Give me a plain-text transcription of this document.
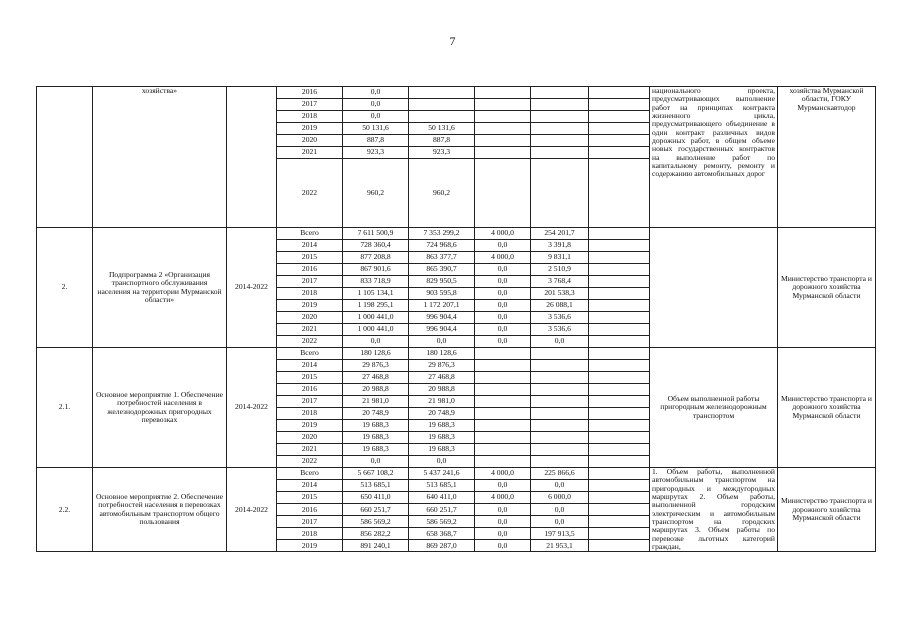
7
	хозяйства»		2016	0,0					национального проекта, предусматривающих выполнение работ на принципах контракта жизненного цикла, предусматривающего объединение в один контракт различных видов дорожных работ, в общем объеме новых государственных контрактов на выполнение работ по капитальному ремонту, ремонту и содержанию автомобильных дорог	хозяйства Мурманской области, ГОКУ Мурманскавтодор
			2017	0,0						
			2018	0,0						
			2019	50 131,6	50 131,6					
			2020	887,8	887,8					
			2021	923,3	923,3					
			2022	960,2	960,2					
2.	Подпрограмма 2 «Организация транспортного обслуживания населения на территории Мурманской области»	2014-2022	Всего	7 611 500,9	7 353 299,2	4 000,0	254 201,7			Министерство транспорта и дорожного хозяйства Мурманской области
			2014	728 360,4	724 968,6	0,0	3 391,8			
			2015	877 208,8	863 377,7	4 000,0	9 831,1			
			2016	867 901,6	865 390,7	0,0	2 510,9			
			2017	833 718,9	829 950,5	0,0	3 768,4			
			2018	1 105 134,1	903 595,8	0,0	201 538,3			
			2019	1 198 295,1	1 172 207,1	0,0	26 088,1			
			2020	1 000 441,0	996 904,4	0,0	3 536,6			
			2021	1 000 441,0	996 904,4	0,0	3 536,6			
			2022	0,0	0,0	0,0	0,0			
2.1.	Основное мероприятие 1. Обеспечение потребностей населения в железнодорожных пригородных перевозках	2014-2022	Всего	180 128,6	180 128,6				Объем выполненной работы пригородным железнодорожным транспортом	Министерство транспорта и дорожного хозяйства Мурманской области
			2014	29 876,3	29 876,3					
			2015	27 468,8	27 468,8					
			2016	20 988,8	20 988,8					
			2017	21 981,0	21 981,0					
			2018	20 748,9	20 748,9					
			2019	19 688,3	19 688,3					
			2020	19 688,3	19 688,3					
			2021	19 688,3	19 688,3					
			2022	0,0	0,0					
2.2.	Основное мероприятие 2. Обеспечение потребностей населения в перевозках автомобильным транспортом общего пользования	2014-2022	Всего	5 667 108,2	5 437 241,6	4 000,0	225 866,6		1. Объем работы, выполненной автомобильным транспортом на пригородных и междугородных маршрутах 2. Объем работы, выполненной городским электрическим и автомобильным транспортом на городских маршрутах 3. Объем работы по перевозке льготных категорий граждан,	Министерство транспорта и дорожного хозяйства Мурманской области
			2014	513 685,1	513 685,1	0,0	0,0			
			2015	650 411,0	640 411,0	4 000,0	6 000,0			
			2016	660 251,7	660 251,7	0,0	0,0			
			2017	586 569,2	586 569,2	0,0	0,0			
			2018	856 282,2	658 368,7	0,0	197 913,5			
			2019	891 240,1	869 287,0	0,0	21 953,1			
